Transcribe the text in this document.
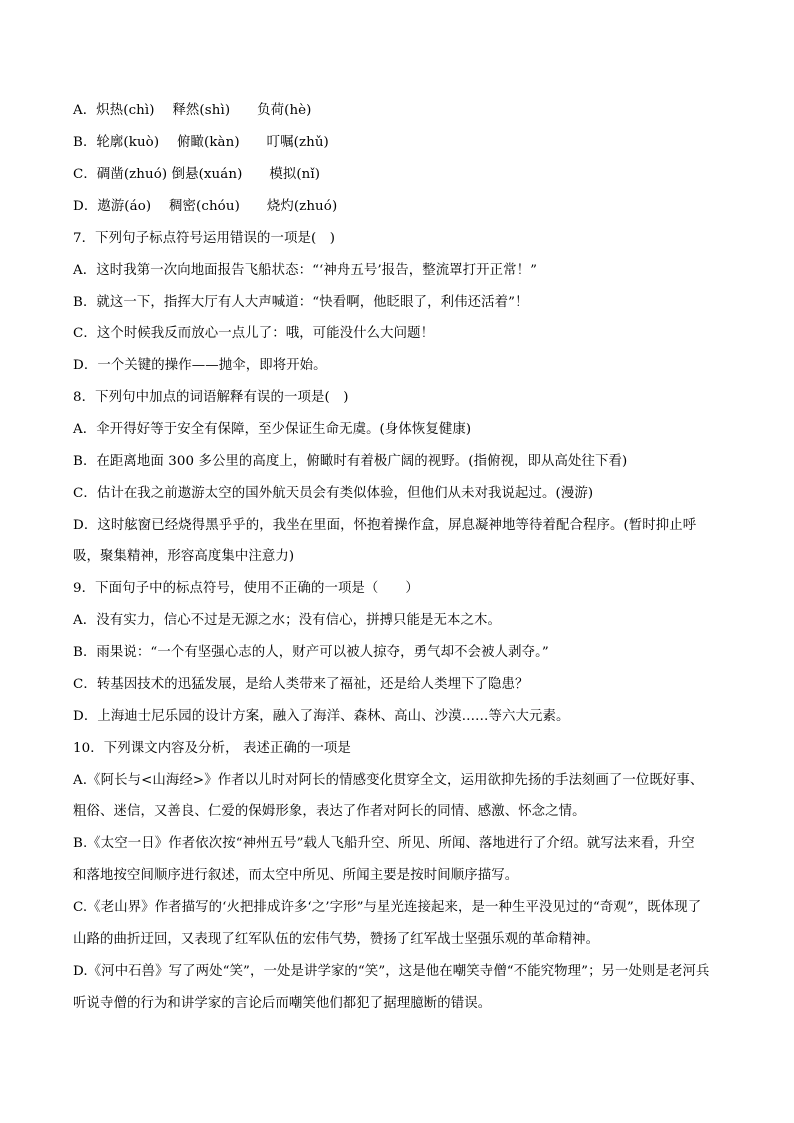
A．炽热(chì)　 释然(shì)　　负荷(hè)
B．轮廓(kuò)　 俯瞰(kàn)　　叮嘱(zhǔ)
C．碉凿(zhuó) 倒悬(xuán)　　模拟(nǐ)
D．遨游(áo)　 稠密(chóu)　　烧灼(zhuó)
7．下列句子标点符号运用错误的一项是(　)
A．这时我第一次向地面报告飞船状态：“‘神舟五号’报告，整流罩打开正常！”
B．就这一下，指挥大厅有人大声喊道：“快看啊，他眨眼了，利伟还活着”！
C．这个时候我反而放心一点儿了：哦，可能没什么大问题！
D．一个关键的操作——抛伞，即将开始。
8．下列句中加点的词语解释有误的一项是(　)
A．伞开得好等于安全有保障，至少保证生命无虞。(身体恢复健康)
B．在距离地面 300 多公里的高度上，俯瞰时有着极广阔的视野。(指俯视，即从高处往下看)
C．估计在我之前遨游太空的国外航天员会有类似体验，但他们从未对我说起过。(漫游)
D．这时舷窗已经烧得黑乎乎的，我坐在里面，怀抱着操作盒，屏息凝神地等待着配合程序。(暂时抑止呼
吸，聚集精神，形容高度集中注意力)
9．下面句子中的标点符号，使用不正确的一项是（　　）
A．没有实力，信心不过是无源之水；没有信心，拼搏只能是无本之木。
B．雨果说：“一个有坚强心志的人，财产可以被人掠夺，勇气却不会被人剥夺。”
C．转基因技术的迅猛发展，是给人类带来了福祉，还是给人类埋下了隐患？
D．上海迪士尼乐园的设计方案，融入了海洋、森林、高山、沙漠……等六大元素。
10．下列课文内容及分析， 表述正确的一项是
A.《阿长与<山海经>》作者以儿时对阿长的情感变化贯穿全文，运用欲抑先扬的手法刻画了一位既好事、
粗俗、迷信，又善良、仁爱的保姆形象，表达了作者对阿长的同情、感激、怀念之情。
B.《太空一日》作者依次按“神州五号”载人飞船升空、所见、所闻、落地进行了介绍。就写法来看，升空
和落地按空间顺序进行叙述，而太空中所见、所闻主要是按时间顺序描写。
C.《老山界》作者描写的‘火把排成许多‘之’字形”与星光连接起来，是一种生平没见过的“奇观”，既体现了
山路的曲折迂回，又表现了红军队伍的宏伟气势，赞扬了红军战士坚强乐观的革命精神。
D.《河中石兽》写了两处“笑”，一处是讲学家的“笑”，这是他在嘲笑寺僧“不能究物理”；另一处则是老河兵
听说寺僧的行为和讲学家的言论后而嘲笑他们都犯了据理臆断的错误。
